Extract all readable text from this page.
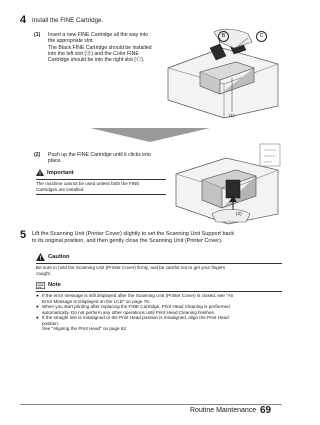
4 Install the FINE Cartridge.
(1) Insert a new FINE Cartridge all the way into
the appropriate slot.
The Black FINE Cartridge should be installed
into the left slot (Ⓑ) and the Color FINE
Cartridge should be into the right slot (Ⓒ).
B	C
(1)
(2) Push up the FINE Cartridge until it clicks into
place.
Important
The machine cannot be used unless both the FINE
Cartridges are installed.
(2)
5 Lift the Scanning Unit (Printer Cover) slightly to set the Scanning Unit Support back
to its original position, and then gently close the Scanning Unit (Printer Cover).
Caution
Be sure to hold the Scanning Unit (Printer Cover) firmly, and be careful not to get your fingers
caught.
Note
● If the error message is still displayed after the Scanning Unit (Printer Cover) is closed, see "An
Error Message Is Displayed on the LCD" on page 76.
● When you start printing after replacing the FINE Cartridge, Print Head Cleaning is performed
automatically. Do not perform any other operations until Print Head Cleaning finishes.
● If the straight line is misaligned or the Print Head position is misaligned, align the Print Head
position.
See "Aligning the Print Head" on page 62.
Routine Maintenance 69
